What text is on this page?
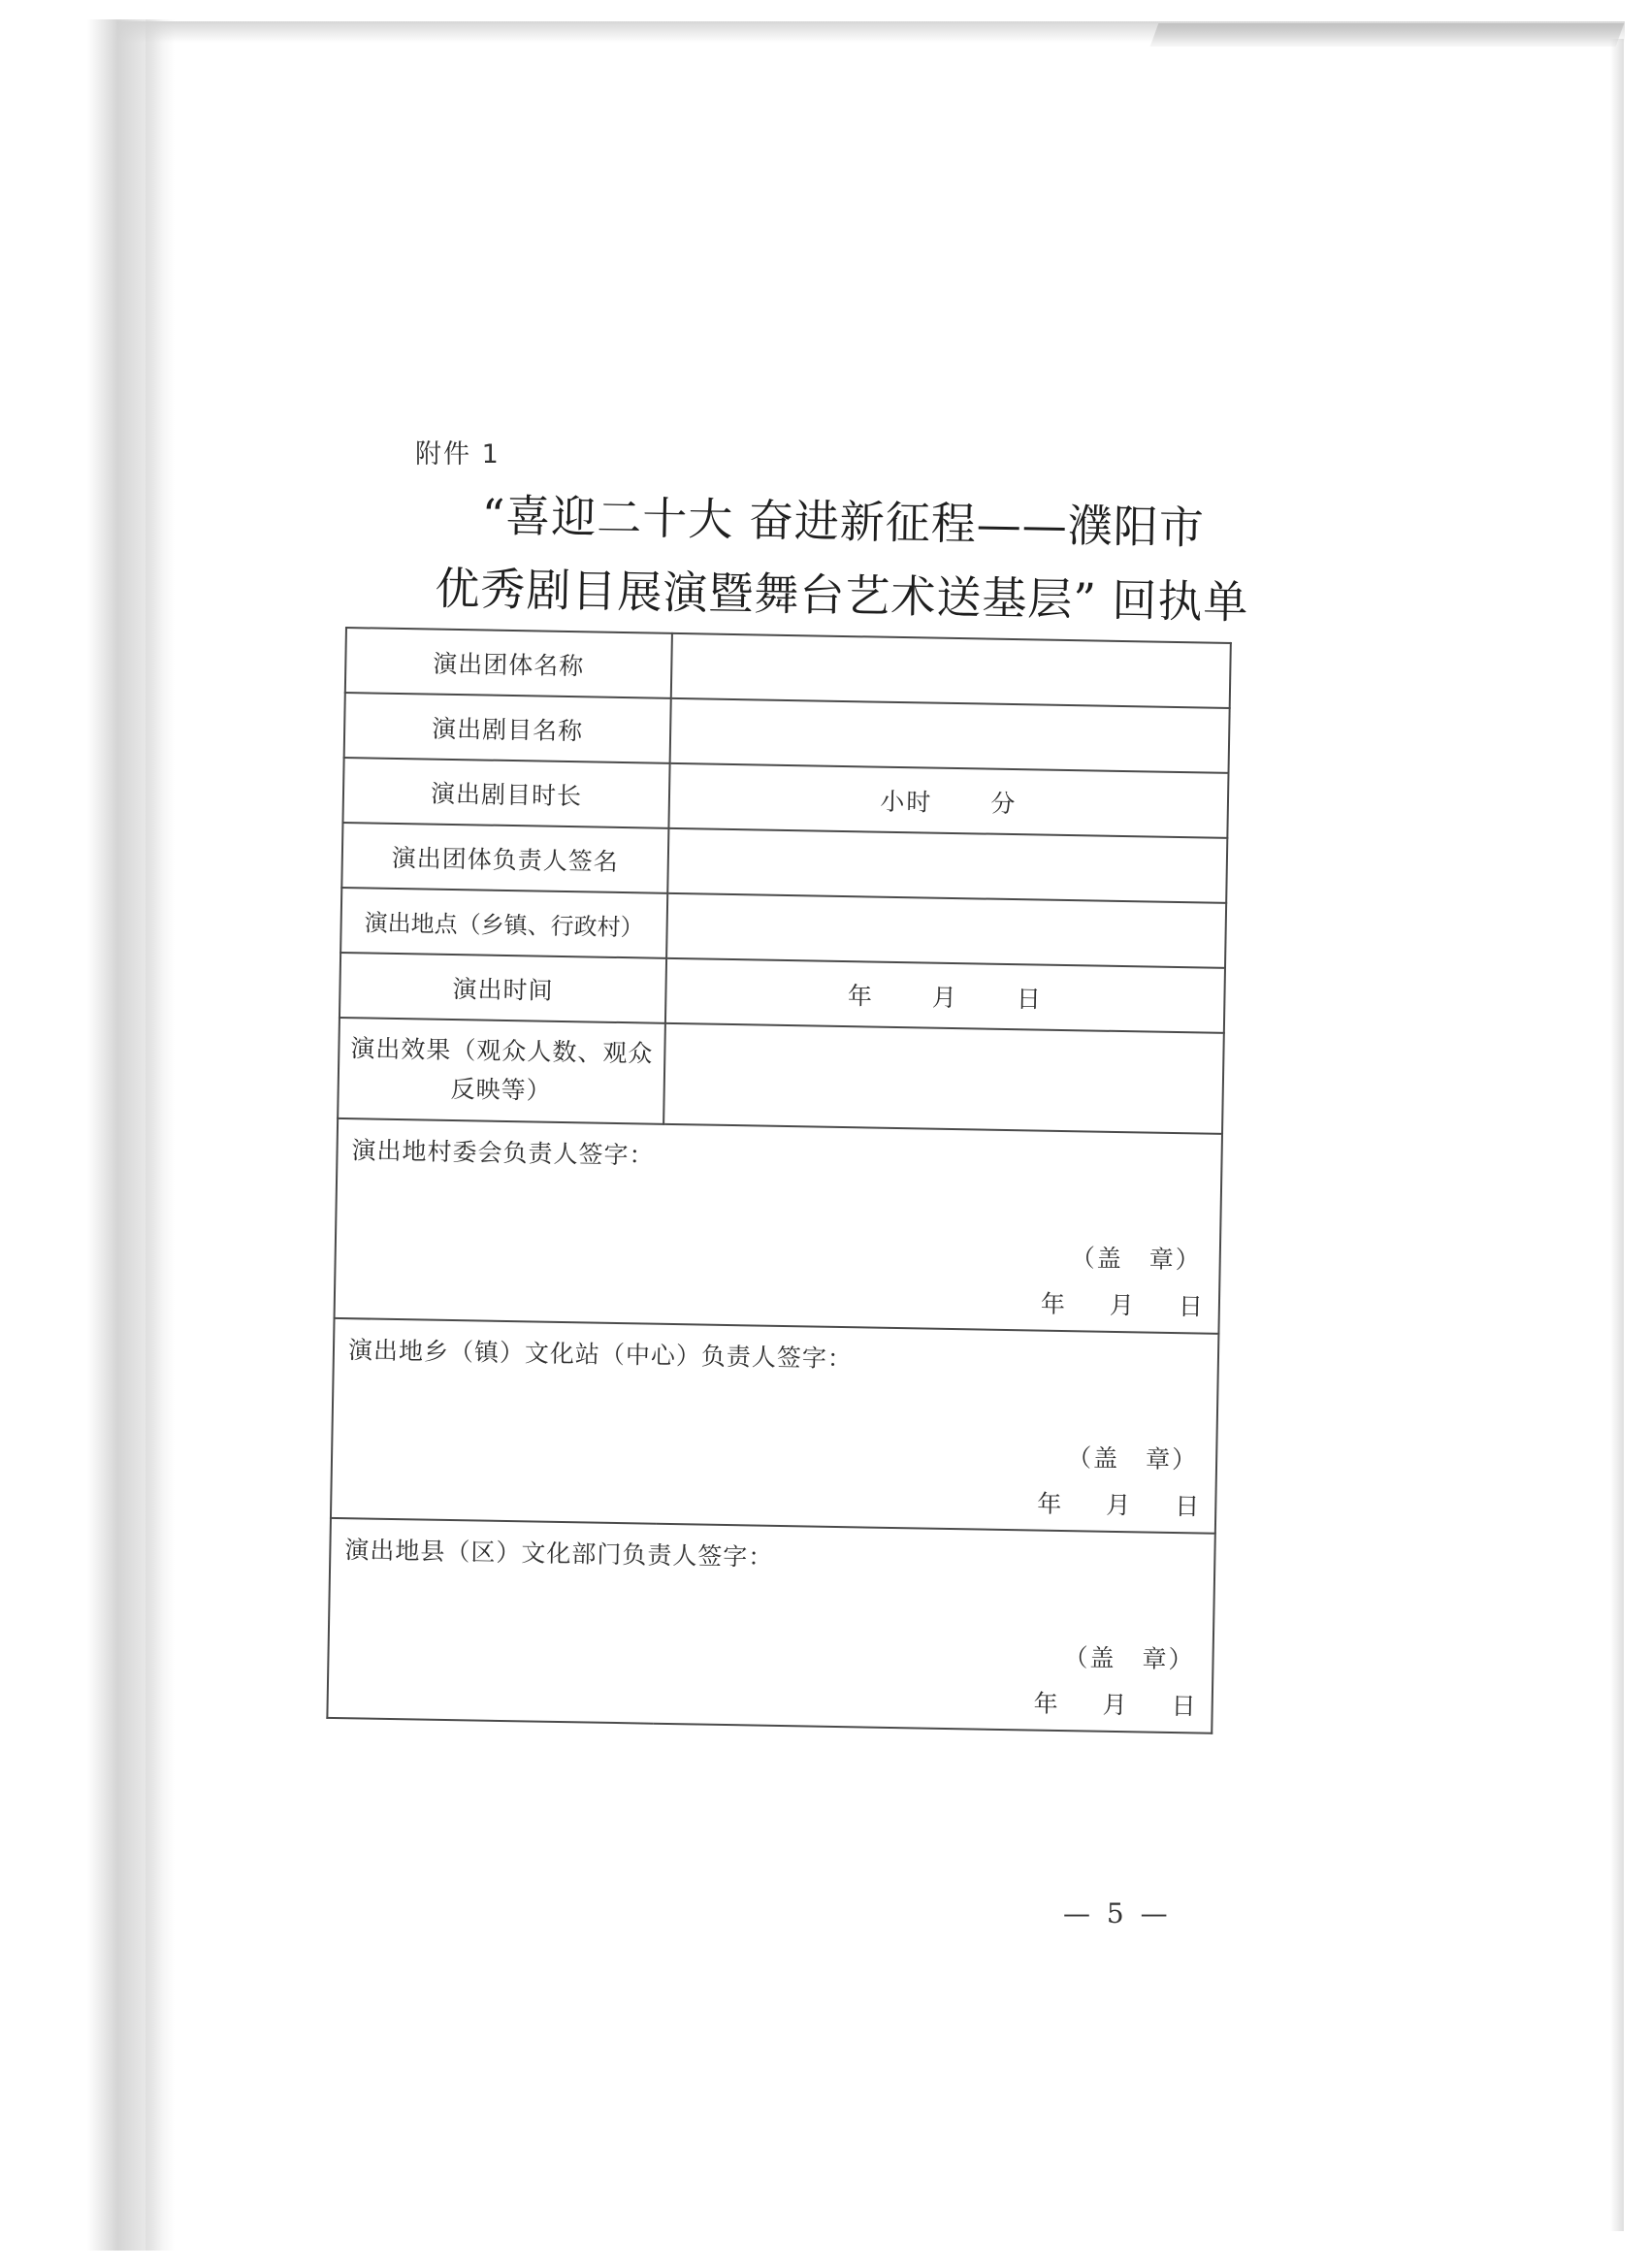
附件 1
“喜迎二十大 奋进新征程——濮阳市
优秀剧目展演暨舞台艺术送基层” 回执单
演出团体名称	
演出剧目名称	
演出剧目时长	小时 分
演出团体负责人签名	
演出地点（乡镇、行政村）	
演出时间	年 月 日
演出效果（观众人数、观众反映等）	

演出地村委会负责人签字：
（盖　章）
年 月 日	

演出地乡（镇）文化站（中心）负责人签字：
（盖　章）
年 月 日	

演出地县（区）文化部门负责人签字：
（盖　章）
年 月 日	
— 5 —
